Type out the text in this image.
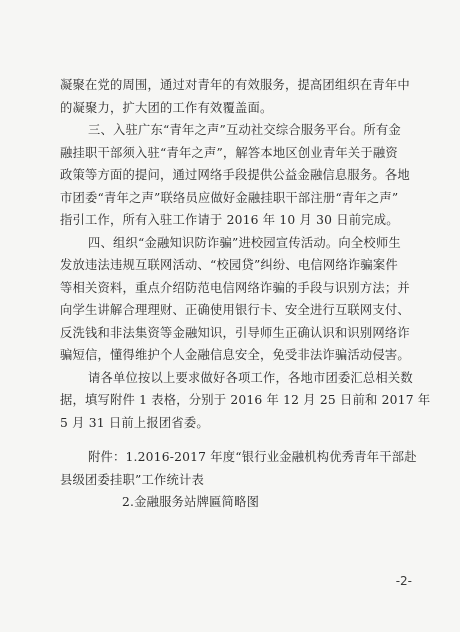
凝聚在党的周围，通过对青年的有效服务，提高团组织在青年中
的凝聚力，扩大团的工作有效覆盖面。
三、入驻广东“青年之声”互动社交综合服务平台。所有金
融挂职干部须入驻“青年之声”，解答本地区创业青年关于融资
政策等方面的提问，通过网络手段提供公益金融信息服务。各地
市团委“青年之声”联络员应做好金融挂职干部注册“青年之声”
指引工作，所有入驻工作请于 2016 年 10 月 30 日前完成。
四、组织“金融知识防诈骗”进校园宣传活动。向全校师生
发放违法违规互联网活动、“校园贷”纠纷、电信网络诈骗案件
等相关资料，重点介绍防范电信网络诈骗的手段与识别方法；并
向学生讲解合理理财、正确使用银行卡、安全进行互联网支付、
反洗钱和非法集资等金融知识，引导师生正确认识和识别网络诈
骗短信，懂得维护个人金融信息安全，免受非法诈骗活动侵害。
请各单位按以上要求做好各项工作，各地市团委汇总相关数
据，填写附件 1 表格，分别于 2016 年 12 月 25 日前和 2017 年
5 月 31 日前上报团省委。
附件：1.2016-2017 年度“银行业金融机构优秀青年干部赴
县级团委挂职”工作统计表
2.金融服务站牌匾简略图
-2-
